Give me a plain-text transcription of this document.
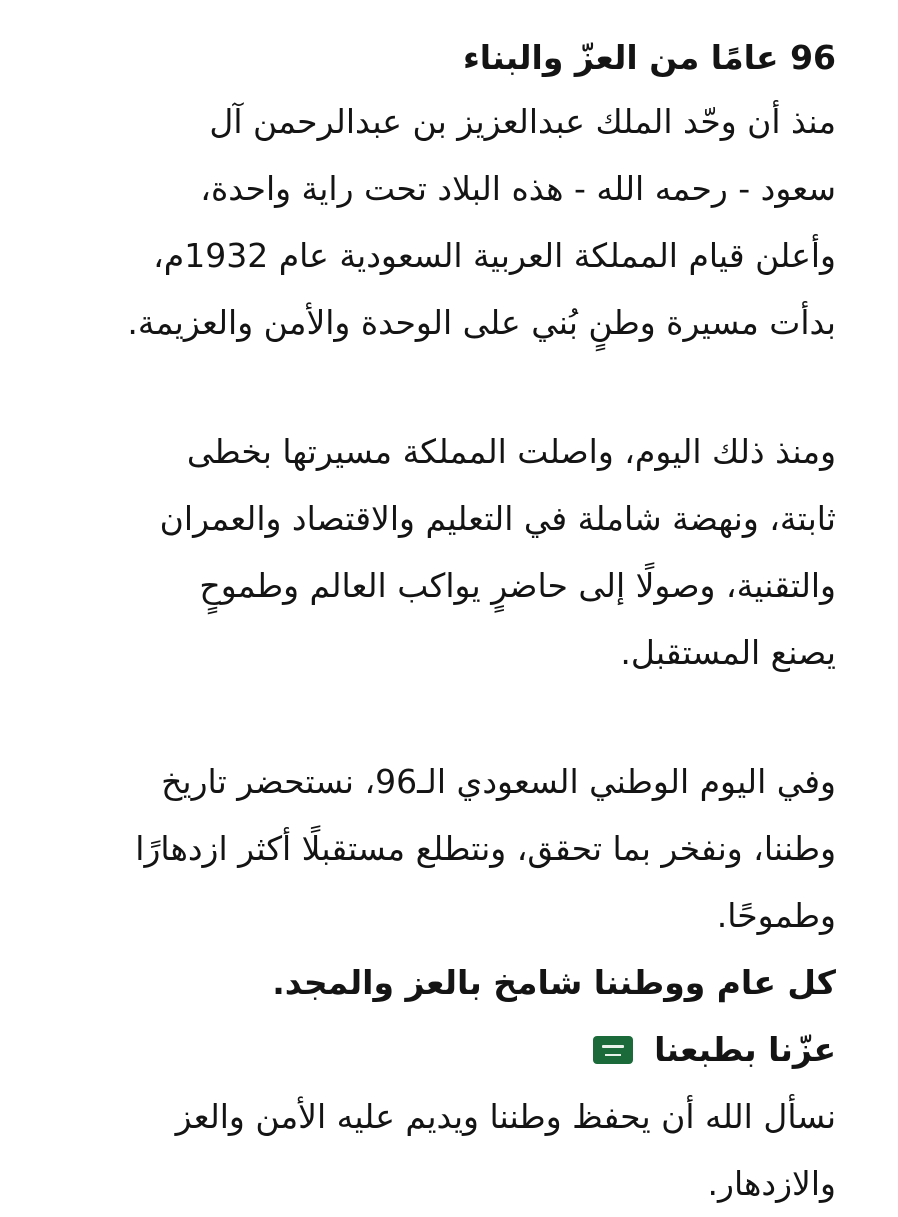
96 عامًا من العزّ والبناء

منذ أن وحّد الملك عبدالعزيز بن عبدالرحمن آل
سعود - رحمه الله - هذه البلاد تحت راية واحدة،
وأعلن قيام المملكة العربية السعودية عام 1932م،
بدأت مسيرة وطنٍ بُني على الوحدة والأمن والعزيمة.

ومنذ ذلك اليوم، واصلت المملكة مسيرتها بخطى
ثابتة، ونهضة شاملة في التعليم والاقتصاد والعمران
والتقنية، وصولًا إلى حاضرٍ يواكب العالم وطموحٍ
يصنع المستقبل.

وفي اليوم الوطني السعودي الـ96، نستحضر تاريخ
وطننا، ونفخر بما تحقق، ونتطلع مستقبلًا أكثر ازدهارًا
وطموحًا.

كل عام ووطننا شامخ بالعز والمجد.

عزّنا بطبعنا

نسأل الله أن يحفظ وطننا ويديم عليه الأمن والعز
والازدهار.
